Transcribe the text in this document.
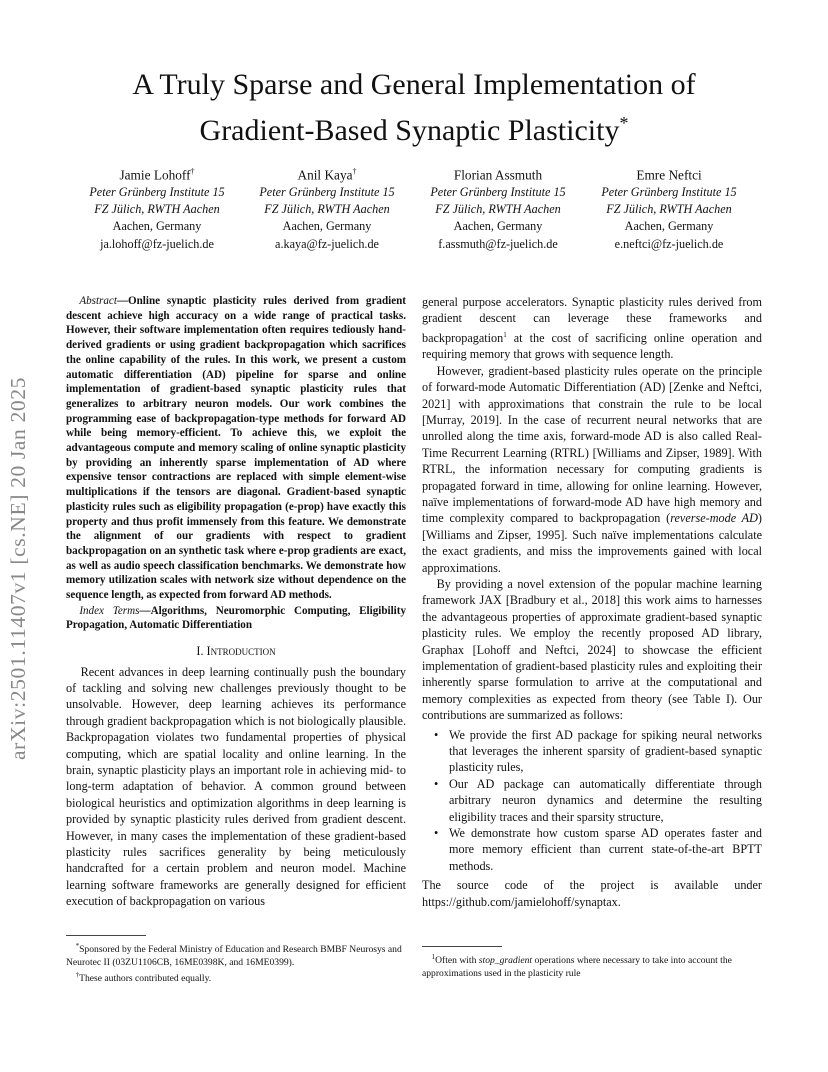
arXiv:2501.11407v1 [cs.NE] 20 Jan 2025
A Truly Sparse and General Implementation of
Gradient-Based Synaptic Plasticity*
Jamie Lohoff†
Peter Grünberg Institute 15
FZ Jülich, RWTH Aachen
Aachen, Germany
ja.lohoff@fz-juelich.de
Anil Kaya†
Peter Grünberg Institute 15
FZ Jülich, RWTH Aachen
Aachen, Germany
a.kaya@fz-juelich.de
Florian Assmuth
Peter Grünberg Institute 15
FZ Jülich, RWTH Aachen
Aachen, Germany
f.assmuth@fz-juelich.de
Emre Neftci
Peter Grünberg Institute 15
FZ Jülich, RWTH Aachen
Aachen, Germany
e.neftci@fz-juelich.de

Abstract—Online synaptic plasticity rules derived from gradient descent achieve high accuracy on a wide range of practical tasks. However, their software implementation often requires tediously hand-derived gradients or using gradient backpropagation which sacrifices the online capability of the rules. In this work, we present a custom automatic differentiation (AD) pipeline for sparse and online implementation of gradient-based synaptic plasticity rules that generalizes to arbitrary neuron models. Our work combines the programming ease of backpropagation-type methods for forward AD while being memory-efficient. To achieve this, we exploit the advantageous compute and memory scaling of online synaptic plasticity by providing an inherently sparse implementation of AD where expensive tensor contractions are replaced with simple element-wise multiplications if the tensors are diagonal. Gradient-based synaptic plasticity rules such as eligibility propagation (e-prop) have exactly this property and thus profit immensely from this feature. We demonstrate the alignment of our gradients with respect to gradient backpropagation on an synthetic task where e-prop gradients are exact, as well as audio speech classification benchmarks. We demonstrate how memory utilization scales with network size without dependence on the sequence length, as expected from forward AD methods.

Index Terms—Algorithms, Neuromorphic Computing, Eligibility Propagation, Automatic Differentiation

I. Introduction

Recent advances in deep learning continually push the boundary of tackling and solving new challenges previously thought to be unsolvable. However, deep learning achieves its performance through gradient backpropagation which is not biologically plausible. Backpropagation violates two fundamental properties of physical computing, which are spatial locality and online learning. In the brain, synaptic plasticity plays an important role in achieving mid- to long-term adaptation of behavior. A common ground between biological heuristics and optimization algorithms in deep learning is provided by synaptic plasticity rules derived from gradient descent. However, in many cases the implementation of these gradient-based plasticity rules sacrifices generality by being meticulously handcrafted for a certain problem and neuron model. Machine learning software frameworks are generally designed for efficient execution of backpropagation on various

general purpose accelerators. Synaptic plasticity rules derived from gradient descent can leverage these frameworks and backpropagation$^1$ at the cost of sacrificing online operation and requiring memory that grows with sequence length.

However, gradient-based plasticity rules operate on the principle of forward-mode Automatic Differentiation (AD) [Zenke and Neftci, 2021] with approximations that constrain the rule to be local [Murray, 2019]. In the case of recurrent neural networks that are unrolled along the time axis, forward-mode AD is also called Real-Time Recurrent Learning (RTRL) [Williams and Zipser, 1989]. With RTRL, the information necessary for computing gradients is propagated forward in time, allowing for online learning. However, naïve implementations of forward-mode AD have high memory and time complexity compared to backpropagation (reverse-mode AD) [Williams and Zipser, 1995]. Such naïve implementations calculate the exact gradients, and miss the improvements gained with local approximations.

By providing a novel extension of the popular machine learning framework JAX [Bradbury et al., 2018] this work aims to harnesses the advantageous properties of approximate gradient-based synaptic plasticity rules. We employ the recently proposed AD library, Graphax [Lohoff and Neftci, 2024] to showcase the efficient implementation of gradient-based plasticity rules and exploiting their inherently sparse formulation to arrive at the computational and memory complexities as expected from theory (see Table I). Our contributions are summarized as follows:

• We provide the first AD package for spiking neural networks that leverages the inherent sparsity of gradient-based synaptic plasticity rules,
• Our AD package can automatically differentiate through arbitrary neuron dynamics and determine the resulting eligibility traces and their sparsity structure,
• We demonstrate how custom sparse AD operates faster and more memory efficient than current state-of-the-art BPTT methods.

The source code of the project is available under

https://github.com/jamielohoff/synaptax.

*Sponsored by the Federal Ministry of Education and Research BMBF Neurosys and Neurotec II (03ZU1106CB, 16ME0398K, and 16ME0399).

†These authors contributed equally.

$^1$Often with stop_gradient operations where necessary to take into account the approximations used in the plasticity rule
